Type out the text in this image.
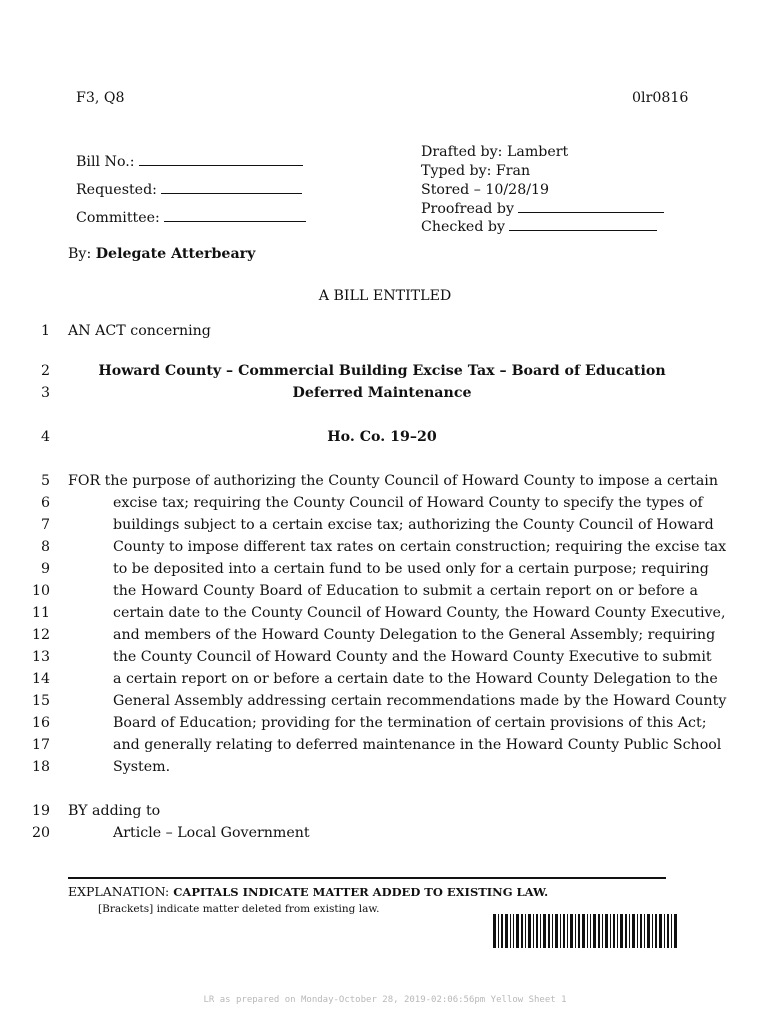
F3, Q8	0lr0816
Bill No.:
Requested:
Committee:
Drafted by: Lambert
Typed by: Fran
Stored – 10/28/19
Proofread by
Checked by
By: Delegate Atterbeary
A BILL ENTITLED
1 AN ACT concerning
2	Howard County – Commercial Building Excise Tax – Board of Education
3	Deferred Maintenance
4	Ho. Co. 19–20
5 FOR the purpose of authorizing the County Council of Howard County to impose a certain
6	excise tax; requiring the County Council of Howard County to specify the types of
7	buildings subject to a certain excise tax; authorizing the County Council of Howard
8	County to impose different tax rates on certain construction; requiring the excise tax
9	to be deposited into a certain fund to be used only for a certain purpose; requiring
10	the Howard County Board of Education to submit a certain report on or before a
11	certain date to the County Council of Howard County, the Howard County Executive,
12	and members of the Howard County Delegation to the General Assembly; requiring
13	the County Council of Howard County and the Howard County Executive to submit
14	a certain report on or before a certain date to the Howard County Delegation to the
15	General Assembly addressing certain recommendations made by the Howard County
16	Board of Education; providing for the termination of certain provisions of this Act;
17	and generally relating to deferred maintenance in the Howard County Public School
18	System.
19 BY adding to
20	Article – Local Government
EXPLANATION: CAPITALS INDICATE MATTER ADDED TO EXISTING LAW.
[Brackets] indicate matter deleted from existing law.
LR as prepared on Monday-October 28, 2019-02:06:56pm Yellow Sheet 1
